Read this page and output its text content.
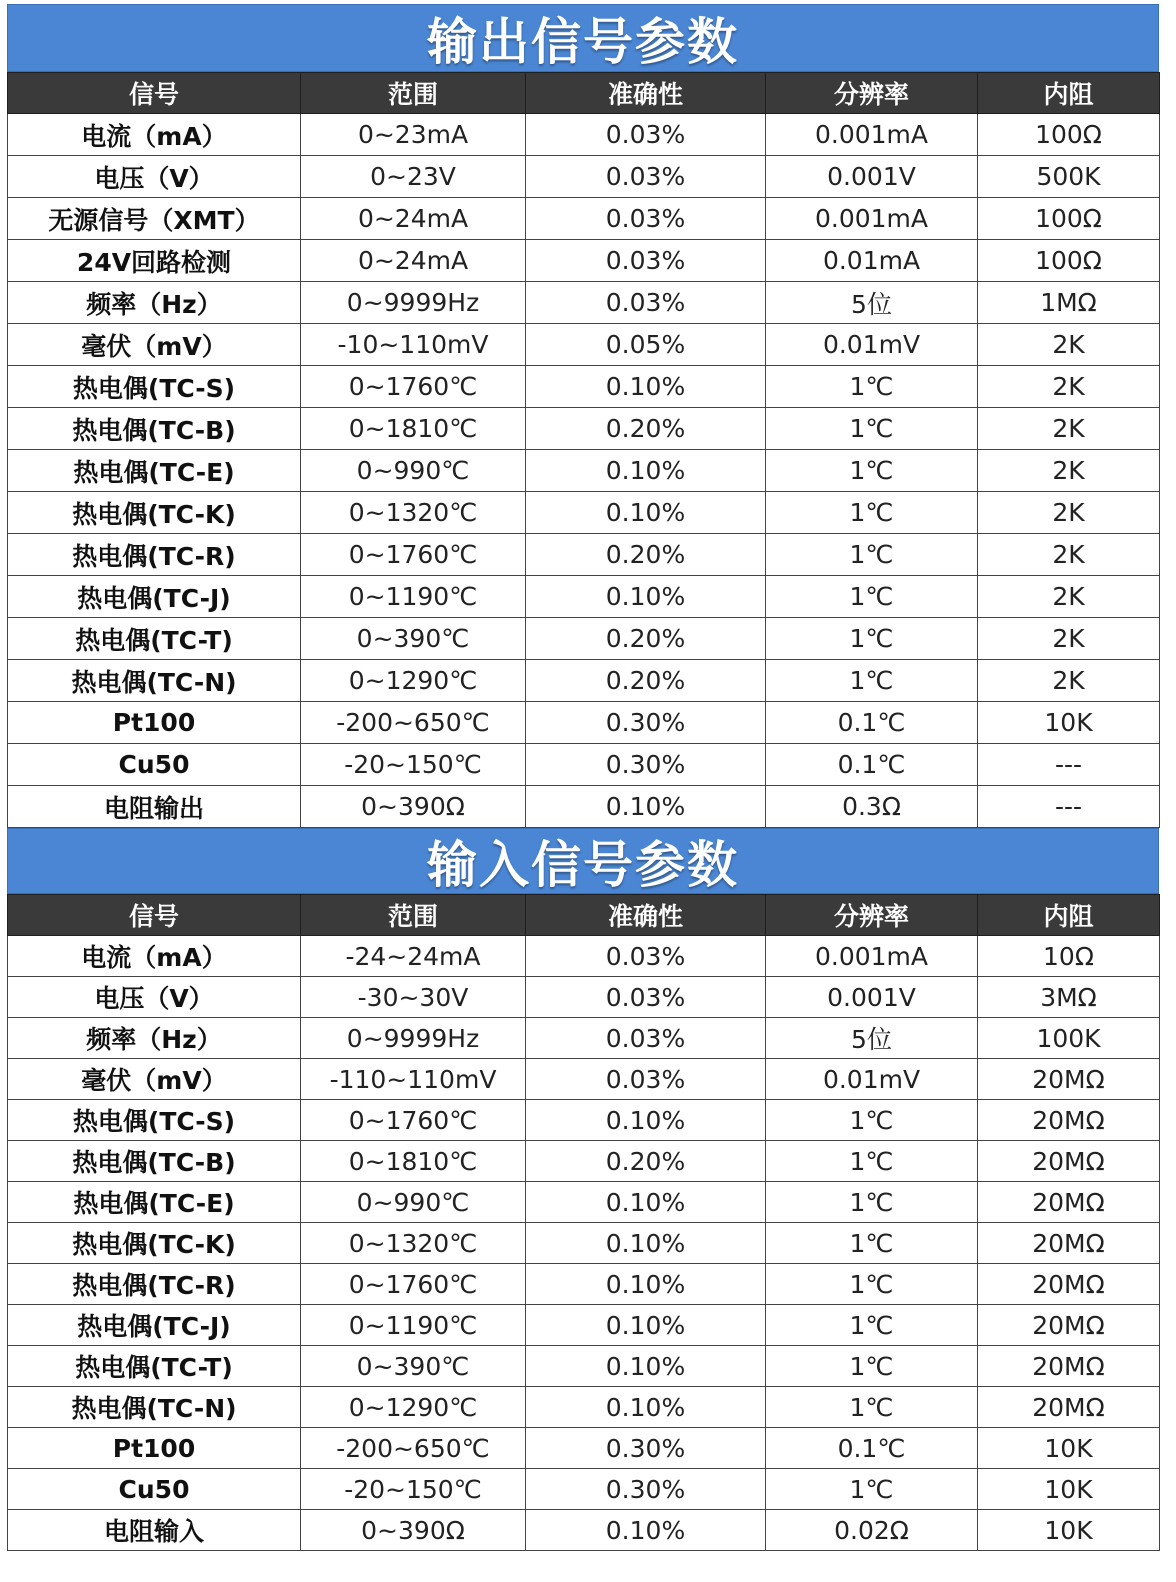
输出信号参数
信号	范围	准确性	分辨率	内阻
电流（mA）	0~23mA	0.03%	0.001mA	100Ω
电压（V）	0~23V	0.03%	0.001V	500K
无源信号（XMT）	0~24mA	0.03%	0.001mA	100Ω
24V回路检测	0~24mA	0.03%	0.01mA	100Ω
频率（Hz）	0~9999Hz	0.03%	5位	1MΩ
毫伏（mV）	-10~110mV	0.05%	0.01mV	2K
热电偶(TC-S)	0~1760℃	0.10%	1℃	2K
热电偶(TC-B)	0~1810℃	0.20%	1℃	2K
热电偶(TC-E)	0~990℃	0.10%	1℃	2K
热电偶(TC-K)	0~1320℃	0.10%	1℃	2K
热电偶(TC-R)	0~1760℃	0.20%	1℃	2K
热电偶(TC-J)	0~1190℃	0.10%	1℃	2K
热电偶(TC-T)	0~390℃	0.20%	1℃	2K
热电偶(TC-N)	0~1290℃	0.20%	1℃	2K
Pt100	-200~650℃	0.30%	0.1℃	10K
Cu50	-20~150℃	0.30%	0.1℃	---
电阻输出	0~390Ω	0.10%	0.3Ω	---
输入信号参数
信号	范围	准确性	分辨率	内阻
电流（mA）	-24~24mA	0.03%	0.001mA	10Ω
电压（V）	-30~30V	0.03%	0.001V	3MΩ
频率（Hz）	0~9999Hz	0.03%	5位	100K
毫伏（mV）	-110~110mV	0.03%	0.01mV	20MΩ
热电偶(TC-S)	0~1760℃	0.10%	1℃	20MΩ
热电偶(TC-B)	0~1810℃	0.20%	1℃	20MΩ
热电偶(TC-E)	0~990℃	0.10%	1℃	20MΩ
热电偶(TC-K)	0~1320℃	0.10%	1℃	20MΩ
热电偶(TC-R)	0~1760℃	0.10%	1℃	20MΩ
热电偶(TC-J)	0~1190℃	0.10%	1℃	20MΩ
热电偶(TC-T)	0~390℃	0.10%	1℃	20MΩ
热电偶(TC-N)	0~1290℃	0.10%	1℃	20MΩ
Pt100	-200~650℃	0.30%	0.1℃	10K
Cu50	-20~150℃	0.30%	1℃	10K
电阻输入	0~390Ω	0.10%	0.02Ω	10K
